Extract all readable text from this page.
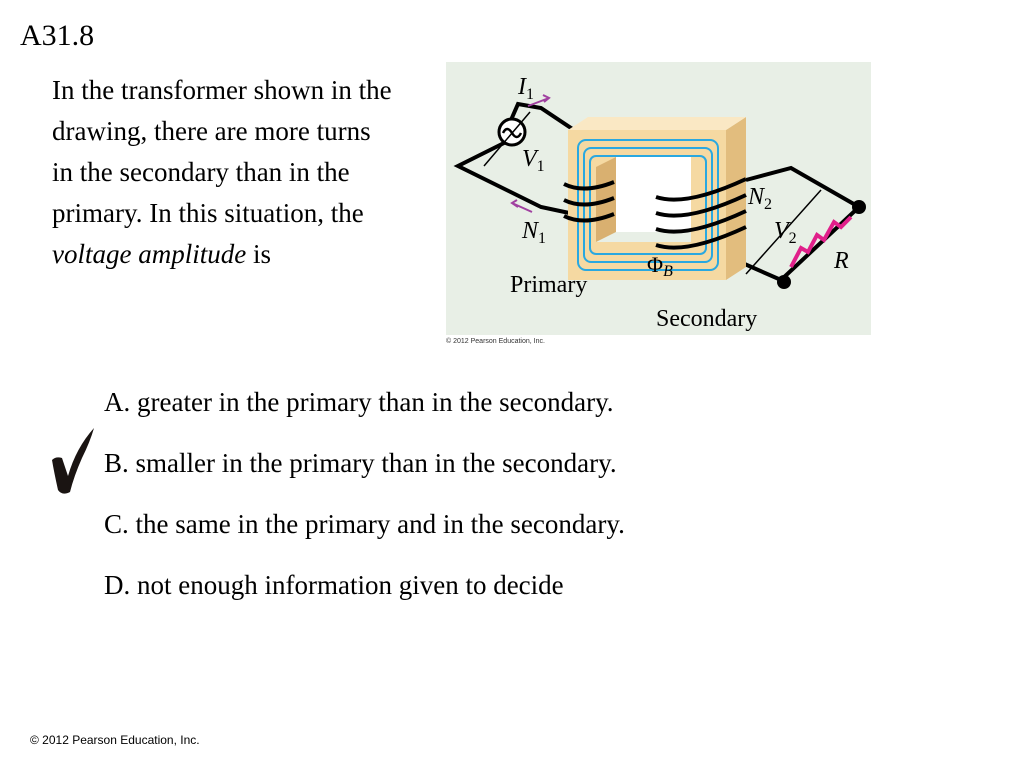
A31.8
In the transformer shown in the drawing, there are more turns in the secondary than in the primary. In this situation, the voltage amplitude is
$I_1$
$V_1$
$N_1$
$N_2$
$V_2$
R
ΦB
Primary
Secondary
© 2012 Pearson Education, Inc.
A. greater in the primary than in the secondary.
B. smaller in the primary than in the secondary.
C. the same in the primary and in the secondary.
D. not enough information given to decide
© 2012 Pearson Education, Inc.
